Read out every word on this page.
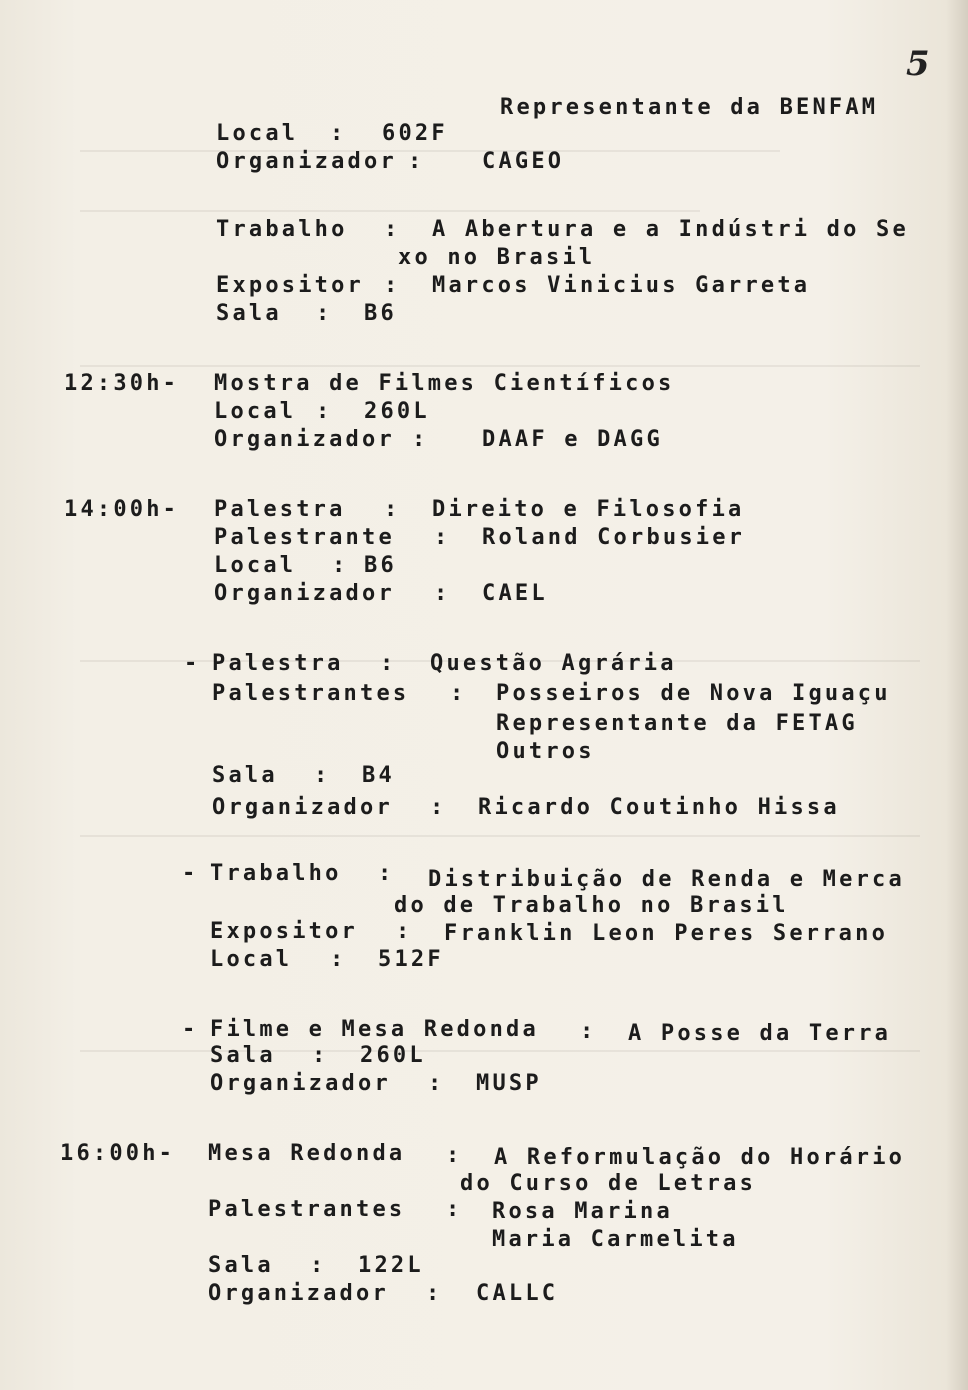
5
Representante da BENFAM
Local : 602F
Organizador :	CAGEO
Trabalho : A Abertura e a Indústri do Se
xo no Brasil
Expositor : Marcos Vinicius Garreta
Sala : B6
12:30h- Mostra de Filmes Científicos
Local : 260L
Organizador : DAAF e DAGG
14:00h- Palestra : Direito e Filosofia
Palestrante : Roland Corbusier
Local : B6
Organizador : CAEL
- Palestra : Questão Agrária
Palestrantes : Posseiros de Nova Iguaçu
Representante da FETAG
Outros
Sala : B4
Organizador : Ricardo Coutinho Hissa
- Trabalho : Distribuição de Renda e Merca
do de Trabalho no Brasil
Expositor : Franklin Leon Peres Serrano
Local : 512F
- Filme e Mesa Redonda : A Posse da Terra
Sala : 260L
Organizador : MUSP
16:00h- Mesa Redonda : A Reformulação do Horário
do Curso de Letras
Palestrantes : Rosa Marina
Maria Carmelita
Sala : 122L
Organizador : CALLC
